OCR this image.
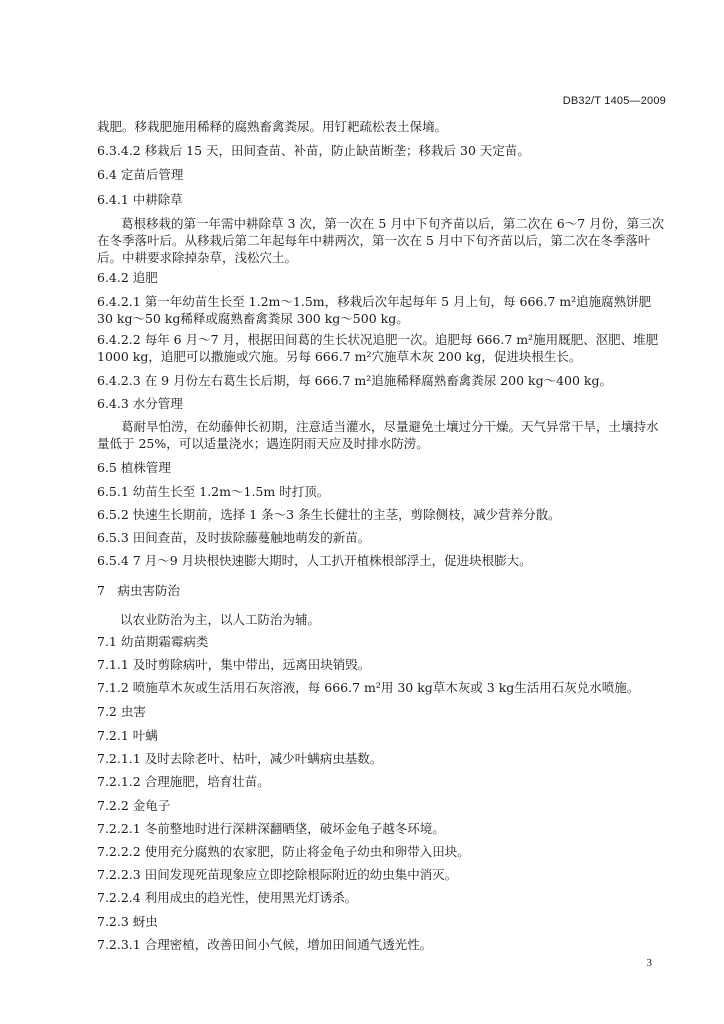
DB32/T 1405—2009
栽肥。移栽肥施用稀释的腐熟畜禽粪尿。用钉耙疏松表土保墒。
6.3.4.2 移栽后 15 天，田间查苗、补苗，防止缺苗断垄；移栽后 30 天定苗。
6.4 定苗后管理
6.4.1 中耕除草
葛根移栽的第一年需中耕除草 3 次，第一次在 5 月中下旬齐苗以后，第二次在 6～7 月份，第三次在冬季落叶后。从移栽后第二年起每年中耕两次，第一次在 5 月中下旬齐苗以后，第二次在冬季落叶后。中耕要求除掉杂草，浅松穴土。
6.4.2 追肥
6.4.2.1 第一年幼苗生长至 1.2m～1.5m，移栽后次年起每年 5 月上旬，每 666.7 m²追施腐熟饼肥 30 kg～50 kg稀释或腐熟畜禽粪尿 300 kg～500 kg。
6.4.2.2 每年 6 月～7 月，根据田间葛的生长状况追肥一次。追肥每 666.7 m²施用厩肥、沤肥、堆肥 1000 kg，追肥可以撒施或穴施。另每 666.7 m²穴施草木灰 200 kg，促进块根生长。
6.4.2.3 在 9 月份左右葛生长后期，每 666.7 m²追施稀释腐熟畜禽粪尿 200 kg～400 kg。
6.4.3 水分管理
葛耐旱怕涝，在幼藤伸长初期，注意适当灌水，尽量避免土壤过分干燥。天气异常干旱，土壤持水量低于 25%，可以适量浇水；遇连阴雨天应及时排水防涝。
6.5 植株管理
6.5.1 幼苗生长至 1.2m～1.5m 时打顶。
6.5.2 快速生长期前，选择 1 条～3 条生长健壮的主茎，剪除侧枝，减少营养分散。
6.5.3 田间查苗，及时拔除藤蔓触地萌发的新苗。
6.5.4 7 月～9 月块根快速膨大期时，人工扒开植株根部浮土，促进块根膨大。
7　病虫害防治
以农业防治为主，以人工防治为辅。
7.1 幼苗期霜霉病类
7.1.1 及时剪除病叶，集中带出，远离田块销毁。
7.1.2 喷施草木灰或生活用石灰溶液，每 666.7 m²用 30 kg草木灰或 3 kg生活用石灰兑水喷施。
7.2 虫害
7.2.1 叶螨
7.2.1.1 及时去除老叶、枯叶，减少叶螨病虫基数。
7.2.1.2 合理施肥，培育壮苗。
7.2.2 金龟子
7.2.2.1 冬前整地时进行深耕深翻晒垡，破坏金龟子越冬环境。
7.2.2.2 使用充分腐熟的农家肥，防止将金龟子幼虫和卵带入田块。
7.2.2.3 田间发现死苗现象应立即挖除根际附近的幼虫集中消灭。
7.2.2.4 利用成虫的趋光性，使用黑光灯诱杀。
7.2.3 蚜虫
7.2.3.1 合理密植，改善田间小气候，增加田间通气透光性。
3
